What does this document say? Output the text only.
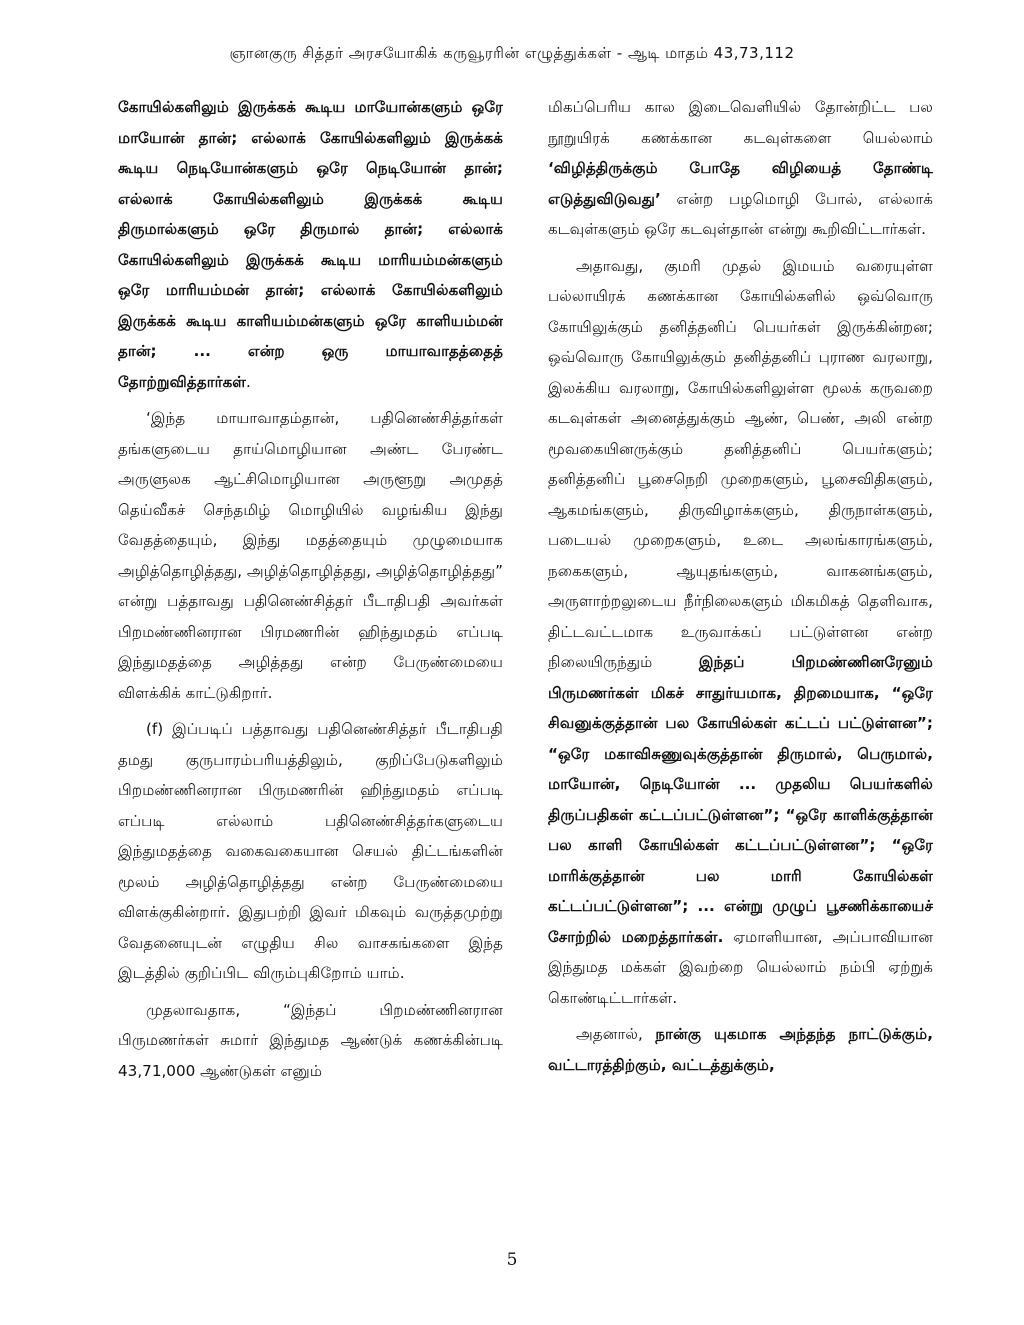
ஞானகுரு சித்தர் அரசயோகிக் கருவூரரின் எழுத்துக்கள் - ஆடி மாதம் 43,73,112

கோயில்களிலும் இருக்கக் கூடிய மாயோன்களும் ஒரே மாயோன் தான்; எல்லாக் கோயில்களிலும் இருக்கக் கூடிய நெடியோன்களும் ஒரே நெடியோன் தான்; எல்லாக் கோயில்களிலும் இருக்கக் கூடிய திருமால்களும் ஒரே திருமால் தான்; எல்லாக் கோயில்களிலும் இருக்கக் கூடிய மாரியம்மன்களும் ஒரே மாரியம்மன் தான்; எல்லாக் கோயில்களிலும் இருக்கக் கூடிய காளியம்மன்களும் ஒரே காளியம்மன் தான்; ... என்ற ஒரு மாயாவாதத்தைத் தோற்றுவித்தார்கள்.

‘இந்த மாயாவாதம்தான், பதினெண்சித்தர்கள் தங்களுடைய தாய்மொழியான அண்ட பேரண்ட அருளுலக ஆட்சிமொழியான அருளூறு அமுதத் தெய்வீகச் செந்தமிழ் மொழியில் வழங்கிய இந்து வேதத்தையும், இந்து மதத்தையும் முழுமையாக அழித்தொழித்தது, அழித்தொழித்தது, அழித்தொழித்தது” என்று பத்தாவது பதினெண்சித்தர் பீடாதிபதி அவர்கள் பிறமண்ணினரான பிரமணரின் ஹிந்துமதம் எப்படி இந்துமதத்தை அழித்தது என்ற பேருண்மையை விளக்கிக் காட்டுகிறார்.

(f) இப்படிப் பத்தாவது பதினெண்சித்தர் பீடாதிபதி தமது குருபாரம்பரியத்திலும், குறிப்பேடுகளிலும் பிறமண்ணினரான பிருமணரின் ஹிந்துமதம் எப்படி எப்படி எல்லாம் பதினெண்சித்தர்களுடைய இந்துமதத்தை வகைவகையான செயல் திட்டங்களின் மூலம் அழித்தொழித்தது என்ற பேருண்மையை விளக்குகின்றார். இதுபற்றி இவர் மிகவும் வருத்தமுற்று வேதனையுடன் எழுதிய சில வாசகங்களை இந்த இடத்தில் குறிப்பிட விரும்புகிறோம் யாம்.

முதலாவதாக, “இந்தப் பிறமண்ணினரான பிருமணர்கள் சுமார் இந்துமத ஆண்டுக் கணக்கின்படி 43,71,000 ஆண்டுகள் எனும்

மிகப்பெரிய கால இடைவெளியில் தோன்றிட்ட பல நூறுயிரக் கணக்கான கடவுள்களை யெல்லாம் ‘விழித்திருக்கும் போதே விழியைத் தோண்டி எடுத்துவிடுவது’ என்ற பழமொழி போல், எல்லாக் கடவுள்களும் ஒரே கடவுள்தான் என்று கூறிவிட்டார்கள்.

அதாவது, குமரி முதல் இமயம் வரையுள்ள பல்லாயிரக் கணக்கான கோயில்களில் ஒவ்வொரு கோயிலுக்கும் தனித்தனிப் பெயர்கள் இருக்கின்றன; ஒவ்வொரு கோயிலுக்கும் தனித்தனிப் புராண வரலாறு, இலக்கிய வரலாறு, கோயில்களிலுள்ள மூலக் கருவறை கடவுள்கள் அனைத்துக்கும் ஆண், பெண், அலி என்ற மூவகையினருக்கும் தனித்தனிப் பெயர்களும்; தனித்தனிப் பூசைநெறி முறைகளும், பூசைவிதிகளும், ஆகமங்களும், திருவிழாக்களும், திருநாள்களும், படையல் முறைகளும், உடை அலங்காரங்களும், நகைகளும், ஆயுதங்களும், வாகனங்களும், அருளாற்றலுடைய நீர்நிலைகளும் மிகமிகத் தெளிவாக, திட்டவட்டமாக உருவாக்கப் பட்டுள்ளன என்ற நிலையிருந்தும் இந்தப் பிறமண்ணினரேனும் பிருமணர்கள் மிகச் சாதுர்யமாக, திறமையாக, “ஒரே சிவனுக்குத்தான் பல கோயில்கள் கட்டப் பட்டுள்ளன”; “ஒரே மகாவிசுணுவுக்குத்தான் திருமால், பெருமால், மாயோன், நெடியோன் ... முதலிய பெயர்களில் திருப்பதிகள் கட்டப்பட்டுள்ளன”; “ஒரே காளிக்குத்தான் பல காளி கோயில்கள் கட்டப்பட்டுள்ளன”; “ஒரே மாரிக்குத்தான் பல மாரி கோயில்கள் கட்டப்பட்டுள்ளன”; ... என்று முழுப் பூசணிக்காயைச் சோற்றில் மறைத்தார்கள். ஏமாளியான, அப்பாவியான இந்துமத மக்கள் இவற்றை யெல்லாம் நம்பி ஏற்றுக் கொண்டிட்டார்கள்.

அதனால், நான்கு யுகமாக அந்தந்த நாட்டுக்கும், வட்டாரத்திற்கும், வட்டத்துக்கும்,

5
